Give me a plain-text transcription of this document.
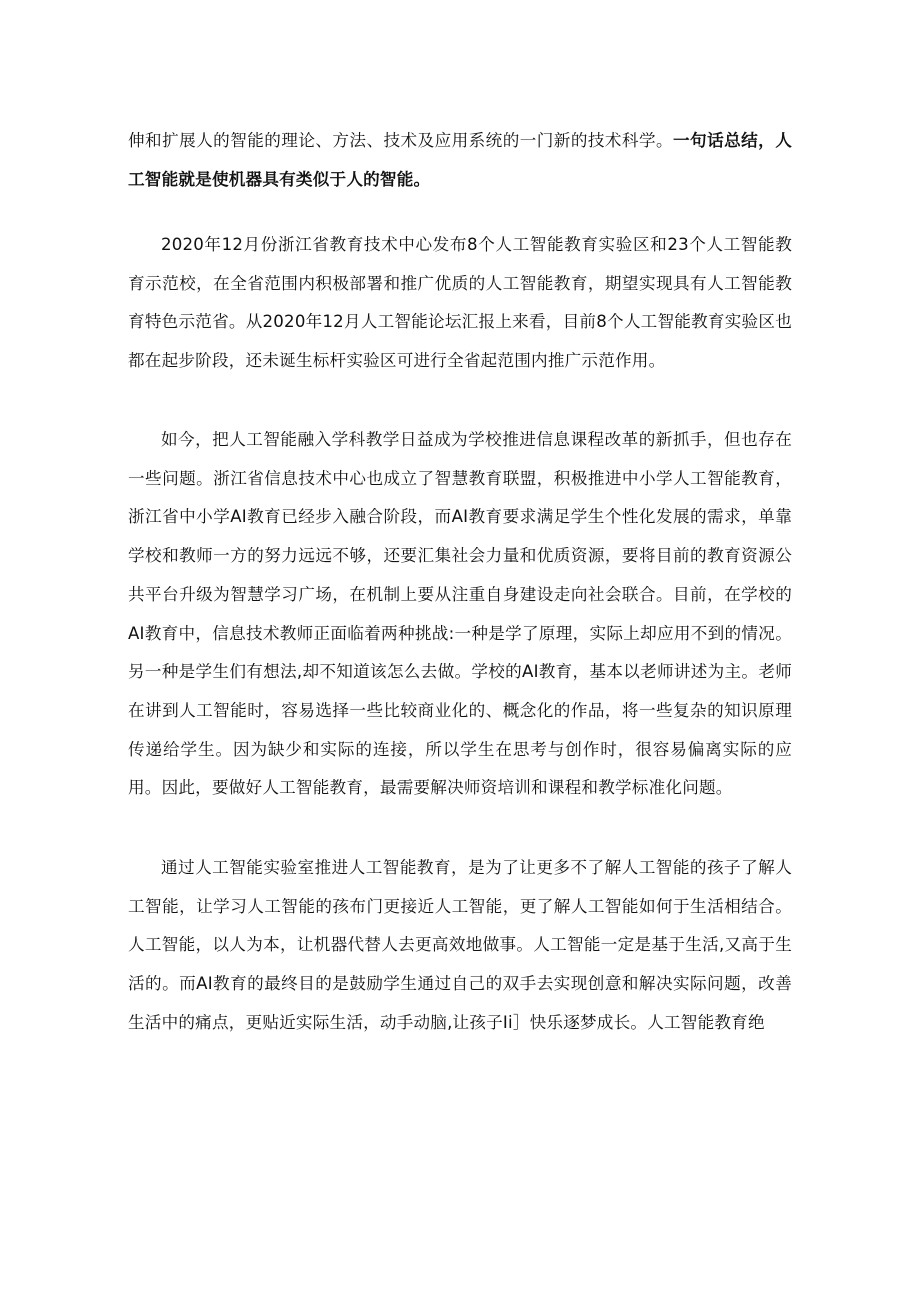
伸和扩展人的智能的理论、方法、技术及应用系统的一门新的技术科学。一句话总结，人工智能就是使机器具有类似于人的智能。

2020年12月份浙江省教育技术中心发布8个人工智能教育实验区和23个人工智能教育示范校，在全省范围内积极部署和推广优质的人工智能教育，期望实现具有人工智能教育特色示范省。从2020年12月人工智能论坛汇报上来看，目前8个人工智能教育实验区也都在起步阶段，还未诞生标杆实验区可进行全省起范围内推广示范作用。

如今，把人工智能融入学科教学日益成为学校推进信息课程改革的新抓手，但也存在一些问题。浙江省信息技术中心也成立了智慧教育联盟，积极推进中小学人工智能教育，浙江省中小学AI教育已经步入融合阶段，而AI教育要求满足学生个性化发展的需求，单靠学校和教师一方的努力远远不够，还要汇集社会力量和优质资源，要将目前的教育资源公共平台升级为智慧学习广场，在机制上要从注重自身建设走向社会联合。目前，在学校的AI教育中，信息技术教师正面临着两种挑战:一种是学了原理，实际上却应用不到的情况。另一种是学生们有想法,却不知道该怎么去做。学校的AI教育，基本以老师讲述为主。老师在讲到人工智能时，容易选择一些比较商业化的、概念化的作品，将一些复杂的知识原理传递给学生。因为缺少和实际的连接，所以学生在思考与创作时，很容易偏离实际的应用。因此，要做好人工智能教育，最需要解决师资培训和课程和教学标准化问题。

通过人工智能实验室推进人工智能教育，是为了让更多不了解人工智能的孩子了解人工智能，让学习人工智能的孩布门更接近人工智能，更了解人工智能如何于生活相结合。人工智能，以人为本，让机器代替人去更高效地做事。人工智能一定是基于生活,又高于生活的。而AI教育的最终目的是鼓励学生通过自己的双手去实现创意和解决实际问题，改善生活中的痛点，更贴近实际生活，动手动脑,让孩子Ii］快乐逐梦成长。人工智能教育绝
